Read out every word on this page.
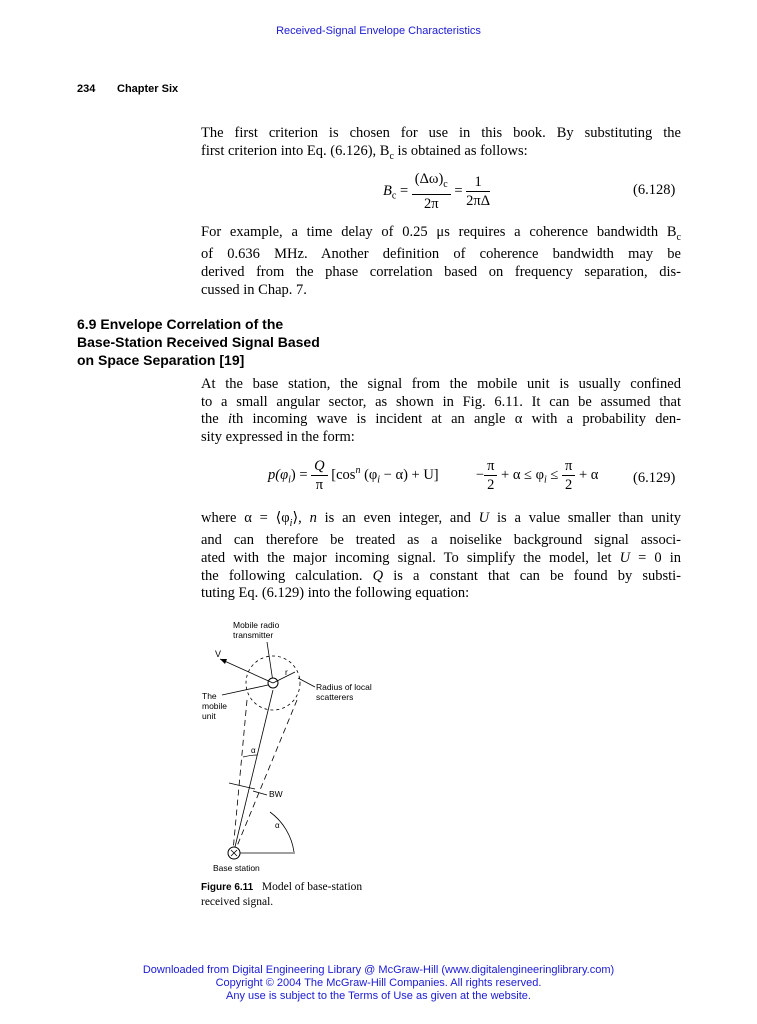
Received-Signal Envelope Characteristics
234 Chapter Six
The first criterion is chosen for use in this book. By substituting the
first criterion into Eq. (6.126), $B_c$ is obtained as follows:
$B_c = \frac{(\Delta\omega)_c}{2\pi} = \frac{1}{2\pi\Delta}$	(6.128)
For example, a time delay of 0.25 μs requires a coherence bandwidth $B_c$
of 0.636 MHz. Another definition of coherence bandwidth may be
derived from the phase correlation based on frequency separation, dis-
cussed in Chap. 7.
6.9 Envelope Correlation of the
Base-Station Received Signal Based
on Space Separation [19]
At the base station, the signal from the mobile unit is usually confined
to a small angular sector, as shown in Fig. 6.11. It can be assumed that
the ith incoming wave is incident at an angle α with a probability den-
sity expressed in the form:
$p(\varphi_i) = \frac{Q}{\pi} [\cos^n$ $(\varphi_i - \alpha) + U$]	− $\frac{\pi}{2} + \alpha \le \varphi_i \le \frac{\pi}{2} + \alpha$ (6.129)
where $\alpha = ⟨\varphi_i⟩$, n is an even integer, and U is a value smaller than unity
and can therefore be treated as a noiselike background signal associ-
ated with the major incoming signal. To simplify the model, let U = 0 in
the following calculation. Q is a constant that can be found by substi-
tuting Eq. (6.129) into the following equation:
Mobile radio
transmitter
V
r
Radius of local
scatterers
The
mobile
unit
α
BW
α
Base station
Figure 6.11 Model of base-station
received signal.
Downloaded from Digital Engineering Library @ McGraw-Hill (www.digitalengineeringlibrary.com)
Copyright © 2004 The McGraw-Hill Companies. All rights reserved.
Any use is subject to the Terms of Use as given at the website.
